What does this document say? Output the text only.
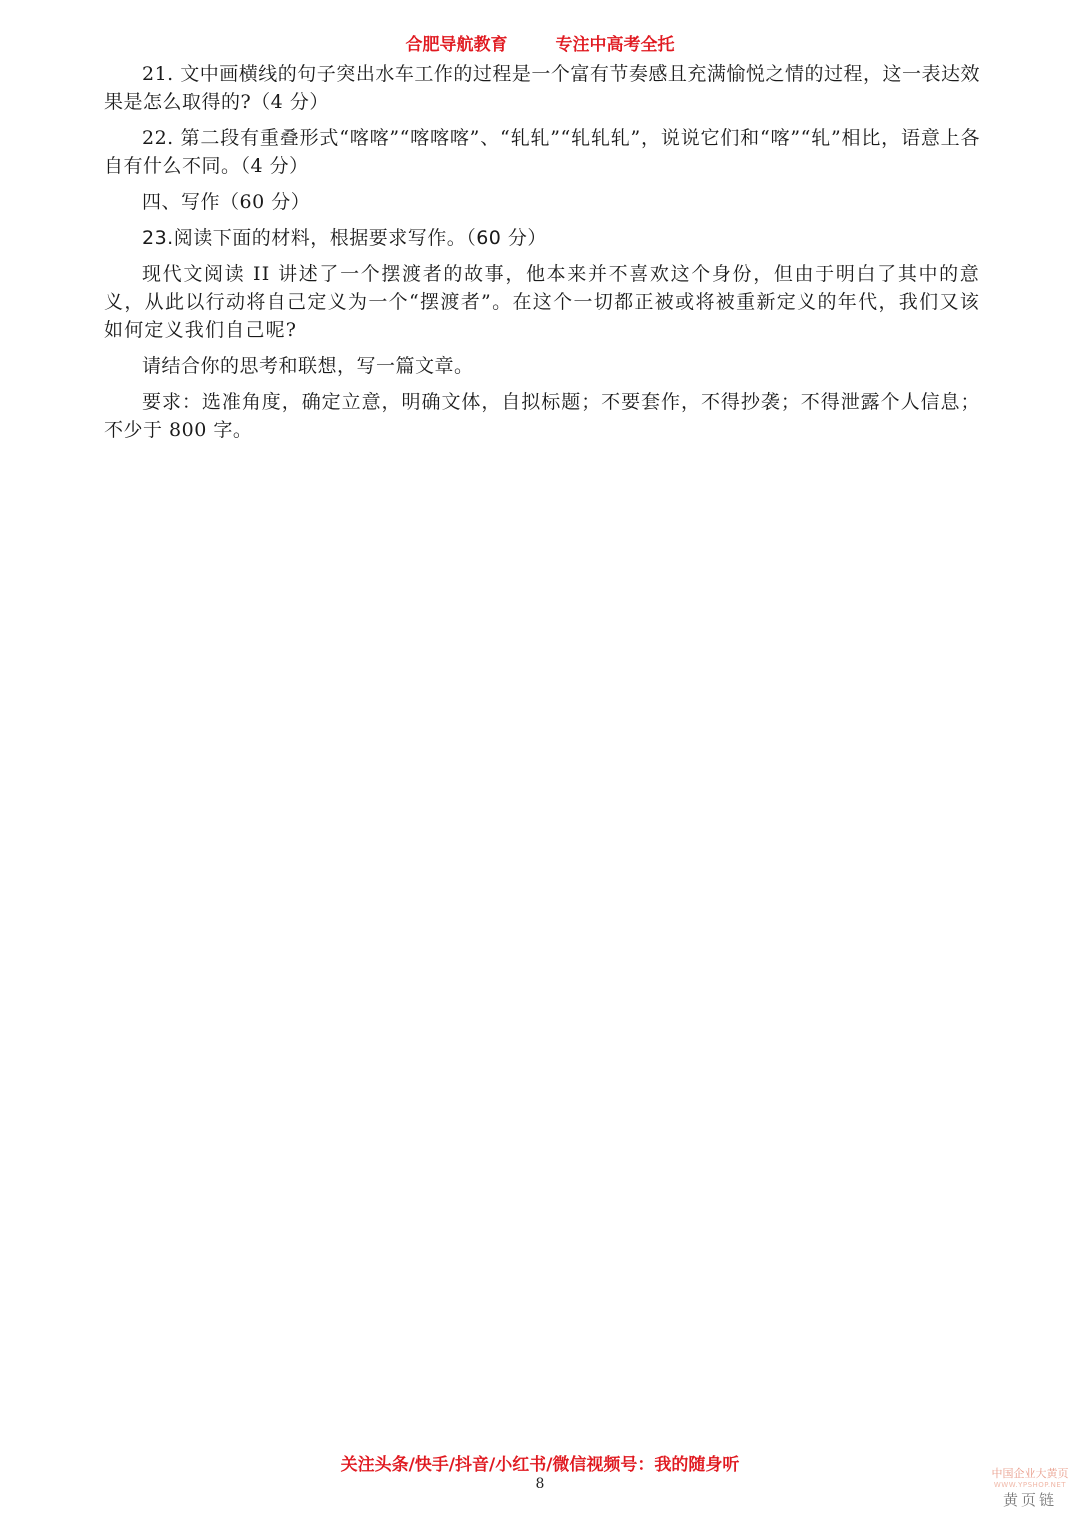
合肥导航教育	专注中高考全托

21. 文中画横线的句子突出水车工作的过程是一个富有节奏感且充满愉悦之情的过程，这一表达效果是怎么取得的?（4 分）

22. 第二段有重叠形式“喀喀”“喀喀喀”、“轧轧”“轧轧轧”，说说它们和“喀”“轧”相比，语意上各自有什么不同。（4 分）

四、写作（60 分）

23.阅读下面的材料，根据要求写作。（60 分）

现代文阅读 II 讲述了一个摆渡者的故事，他本来并不喜欢这个身份，但由于明白了其中的意义，从此以行动将自己定义为一个“摆渡者”。在这个一切都正被或将被重新定义的年代，我们又该如何定义我们自己呢?

请结合你的思考和联想，写一篇文章。

要求：选准角度，确定立意，明确文体，自拟标题；不要套作，不得抄袭；不得泄露个人信息；不少于 800 字。

关注头条/快手/抖音/小红书/微信视频号：我的随身听
8
中国企业大黄页
WWW.YPSHOP.NET
黄页链
